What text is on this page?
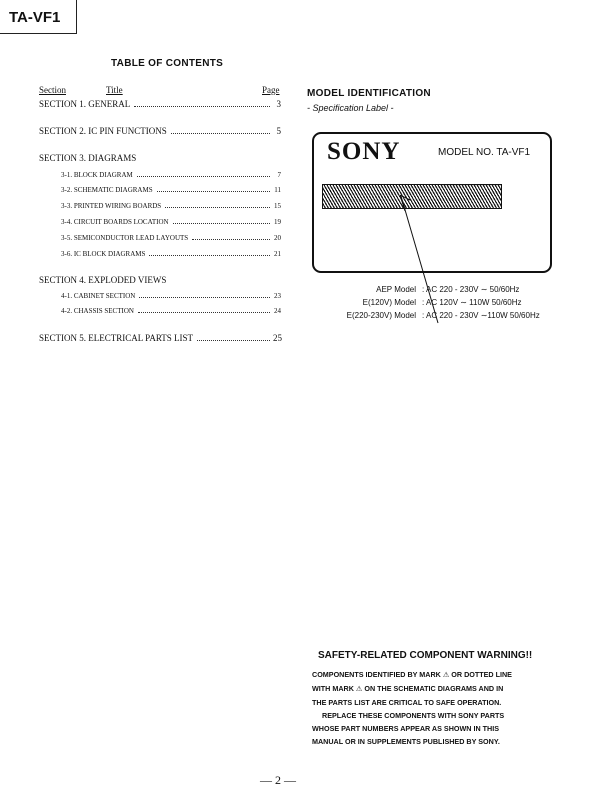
TA-VF1
TABLE OF CONTENTS
Section	Title	Page
SECTION 1. GENERAL	3
SECTION 2. IC PIN FUNCTIONS	5
SECTION 3. DIAGRAMS
3-1. BLOCK DIAGRAM	7
3-2. SCHEMATIC DIAGRAMS	11
3-3. PRINTED WIRING BOARDS	15
3-4. CIRCUIT BOARDS LOCATION	19
3-5. SEMICONDUCTOR LEAD LAYOUTS	20
3-6. IC BLOCK DIAGRAMS	21
SECTION 4. EXPLODED VIEWS
4-1. CABINET SECTION	23
4-2. CHASSIS SECTION	24
SECTION 5. ELECTRICAL PARTS LIST	25
MODEL IDENTIFICATION
- Specification Label -
SONY	MODEL NO. TA-VF1
AEP Model : AC 220 - 230V ∼ 50/60Hz
E(120V) Model : AC 120V ∼ 110W 50/60Hz
E(220-230V) Model : AC 220 - 230V ∼110W 50/60Hz
SAFETY-RELATED COMPONENT WARNING!!
COMPONENTS IDENTIFIED BY MARK ⚠ OR DOTTED LINE
WITH MARK ⚠ ON THE SCHEMATIC DIAGRAMS AND IN
THE PARTS LIST ARE CRITICAL TO SAFE OPERATION.
REPLACE THESE COMPONENTS WITH SONY PARTS
WHOSE PART NUMBERS APPEAR AS SHOWN IN THIS
MANUAL OR IN SUPPLEMENTS PUBLISHED BY SONY.
— 2 —
